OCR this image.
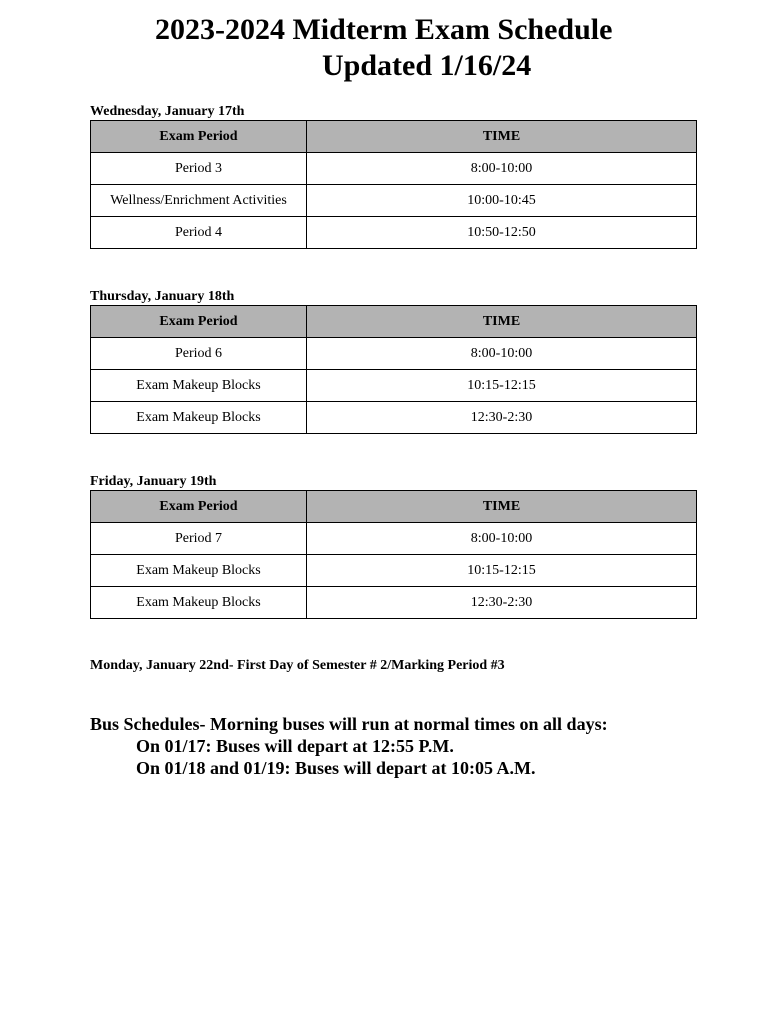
2023-2024 Midterm Exam Schedule
Updated 1/16/24
Wednesday, January 17th
Exam Period	TIME
Period 3	8:00-10:00
Wellness/Enrichment Activities	10:00-10:45
Period 4	10:50-12:50
Thursday, January 18th
Exam Period	TIME
Period 6	8:00-10:00
Exam Makeup Blocks	10:15-12:15
Exam Makeup Blocks	12:30-2:30
Friday, January 19th
Exam Period	TIME
Period 7	8:00-10:00
Exam Makeup Blocks	10:15-12:15
Exam Makeup Blocks	12:30-2:30
Monday, January 22nd- First Day of Semester # 2/Marking Period #3
Bus Schedules- Morning buses will run at normal times on all days:
On 01/17: Buses will depart at 12:55 P.M.
On 01/18 and 01/19: Buses will depart at 10:05 A.M.
